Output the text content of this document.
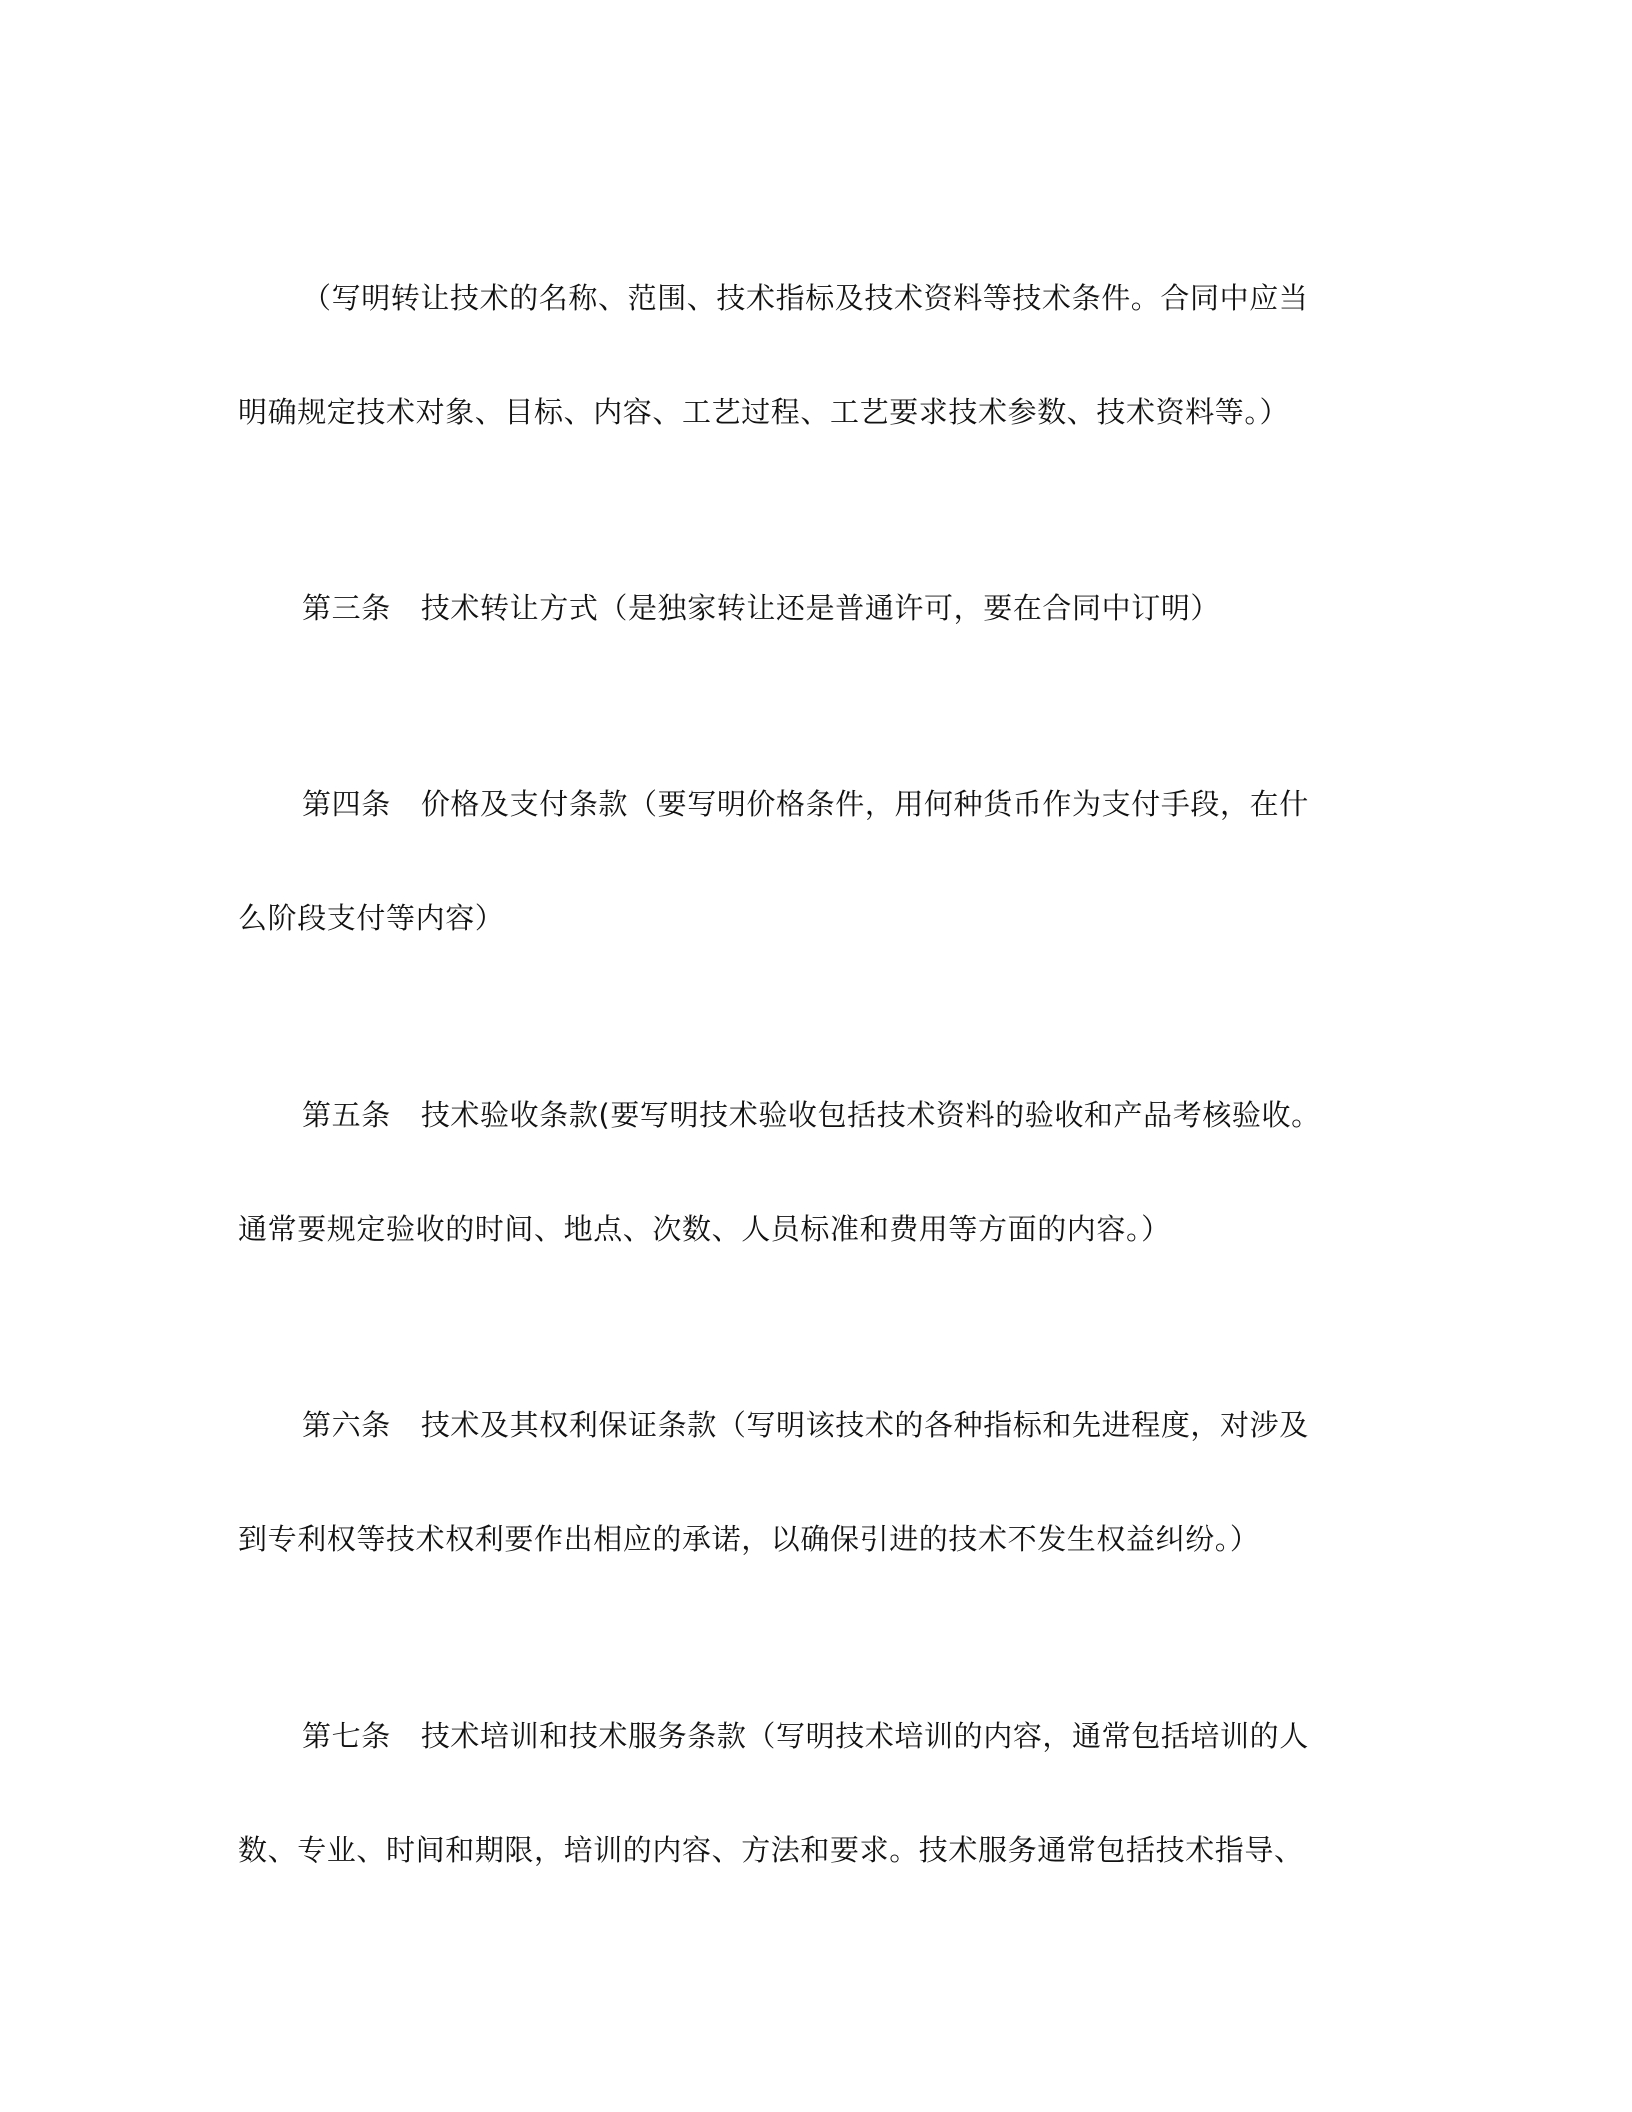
（写明转让技术的名称、范围、技术指标及技术资料等技术条件。合同中应当
明确规定技术对象、目标、内容、工艺过程、工艺要求技术参数、技术资料等。）
第三条 技术转让方式（是独家转让还是普通许可，要在合同中订明）
第四条 价格及支付条款（要写明价格条件，用何种货币作为支付手段，在什
么阶段支付等内容）
第五条 技术验收条款(要写明技术验收包括技术资料的验收和产品考核验收。
通常要规定验收的时间、地点、次数、人员标准和费用等方面的内容。）
第六条 技术及其权利保证条款（写明该技术的各种指标和先进程度，对涉及
到专利权等技术权利要作出相应的承诺，以确保引进的技术不发生权益纠纷。）
第七条 技术培训和技术服务条款（写明技术培训的内容，通常包括培训的人
数、专业、时间和期限，培训的内容、方法和要求。技术服务通常包括技术指导、
